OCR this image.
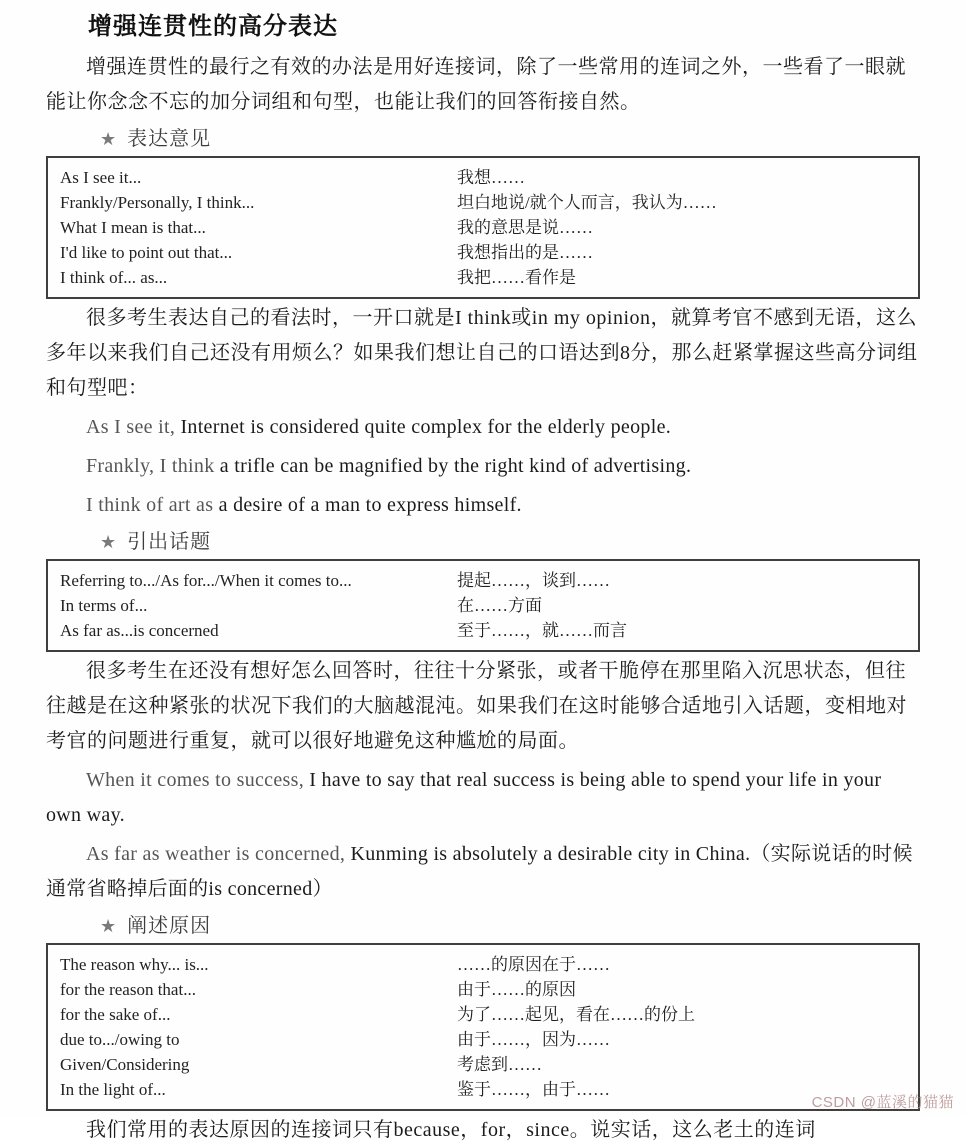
增强连贯性的高分表达

增强连贯性的最行之有效的办法是用好连接词，除了一些常用的连词之外，一些看了一眼就能让你念念不忘的加分词组和句型，也能让我们的回答衔接自然。

★ 表达意见
As I see it...	我想……
Frankly/Personally, I think...	坦白地说/就个人而言，我认为……
What I mean is that...	我的意思是说……
I'd like to point out that...	我想指出的是……
I think of... as...	我把……看作是

很多考生表达自己的看法时，一开口就是I think或in my opinion，就算考官不感到无语，这么多年以来我们自己还没有用烦么？如果我们想让自己的口语达到8分，那么赶紧掌握这些高分词组和句型吧：

As I see it, Internet is considered quite complex for the elderly people.

Frankly, I think a trifle can be magnified by the right kind of advertising.

I think of art as a desire of a man to express himself.

★ 引出话题
Referring to.../As for.../When it comes to...	提起……，谈到……
In terms of...	在……方面
As far as...is concerned	至于……，就……而言

很多考生在还没有想好怎么回答时，往往十分紧张，或者干脆停在那里陷入沉思状态，但往往越是在这种紧张的状况下我们的大脑越混沌。如果我们在这时能够合适地引入话题，变相地对考官的问题进行重复，就可以很好地避免这种尴尬的局面。

When it comes to success, I have to say that real success is being able to spend your life in your own way.

As far as weather is concerned, Kunming is absolutely a desirable city in China.（实际说话的时候通常省略掉后面的is concerned）

★ 阐述原因
The reason why... is...	……的原因在于……
for the reason that...	由于……的原因
for the sake of...	为了……起见，看在……的份上
due to.../owing to	由于……，因为……
Given/Considering	考虑到……
In the light of...	鉴于……，由于……

我们常用的表达原因的连接词只有because，for，since。说实话，这么老土的连词

CSDN @蓝溪的猫猫
